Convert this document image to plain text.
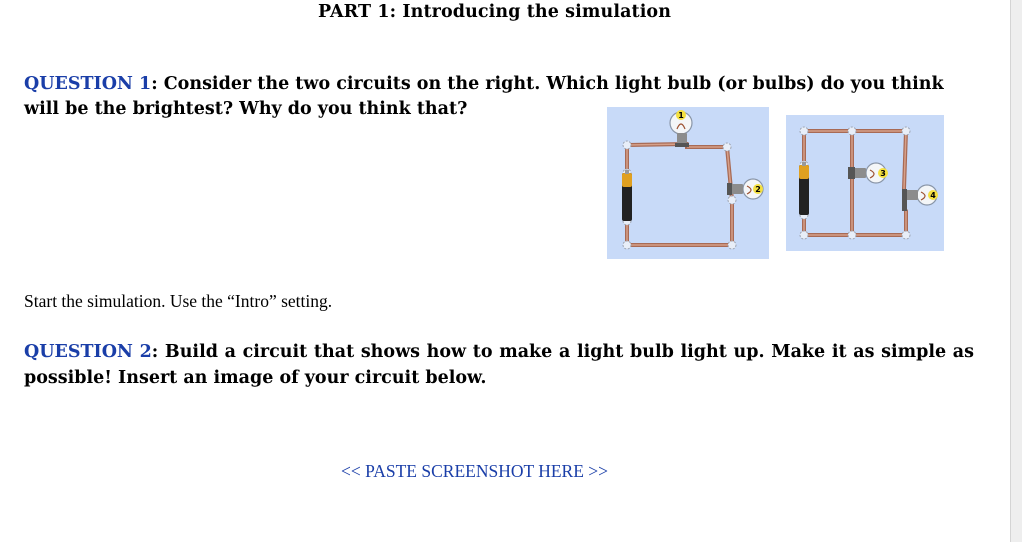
PART 1: Introducing the simulation
QUESTION 1: Consider the two circuits on the right. Which light bulb (or bulbs) do you think will be the brightest? Why do you think that?	1
2
3
4
Start the simulation. Use the “Intro” setting.
QUESTION 2: Build a circuit that shows how to make a light bulb light up. Make it as simple as possible! Insert an image of your circuit below.
<< PASTE SCREENSHOT HERE >>
